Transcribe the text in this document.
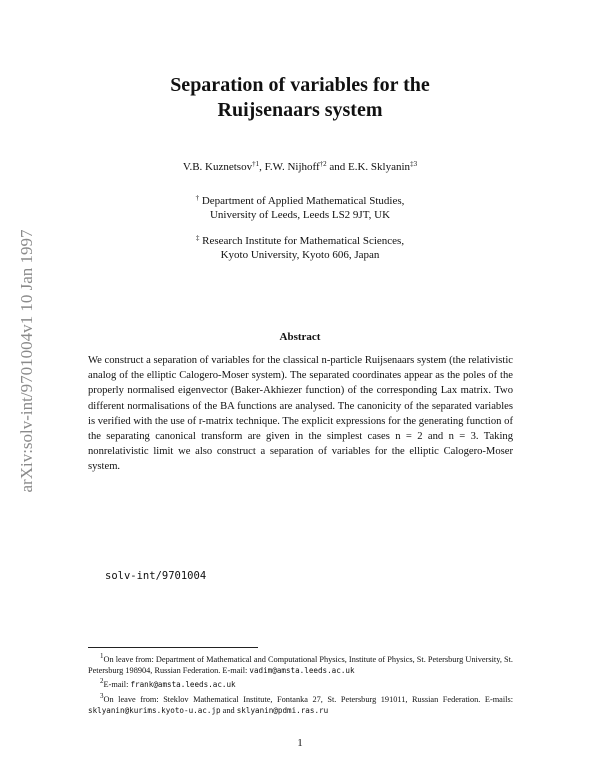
arXiv:solv-int/9701004v1 10 Jan 1997
Separation of variables for the
Ruijsenaars system
V.B. Kuznetsov$^{\dagger 1}$, F.W. Nijhoff$^{\dagger 2}$ and E.K. Sklyanin$^{\ddagger 3}$
† Department of Applied Mathematical Studies,
University of Leeds, Leeds LS2 9JT, UK
‡ Research Institute for Mathematical Sciences,
Kyoto University, Kyoto 606, Japan
Abstract
We construct a separation of variables for the classical n-particle Ruijsenaars system (the relativistic analog of the elliptic Calogero-Moser system). The separated coordinates appear as the poles of the properly normalised eigenvector (Baker-Akhiezer function) of the corresponding Lax matrix. Two different normalisations of the BA functions are analysed. The canonicity of the separated variables is verified with the use of r-matrix technique. The explicit expressions for the generating function of the separating canonical transform are given in the simplest cases n = 2 and n = 3. Taking nonrelativistic limit we also construct a separation of variables for the elliptic Calogero-Moser system.
solv-int/9701004

$^1$On leave from: Department of Mathematical and Computational Physics, Institute of Physics, St. Petersburg University, St. Petersburg 198904, Russian Federation. E-mail: vadim@amsta.leeds.ac.uk

$^2$E-mail: frank@amsta.leeds.ac.uk

$^3$On leave from: Steklov Mathematical Institute, Fontanka 27, St. Petersburg 191011, Russian Federation. E-mails: sklyanin@kurims.kyoto-u.ac.jp and sklyanin@pdmi.ras.ru

1
